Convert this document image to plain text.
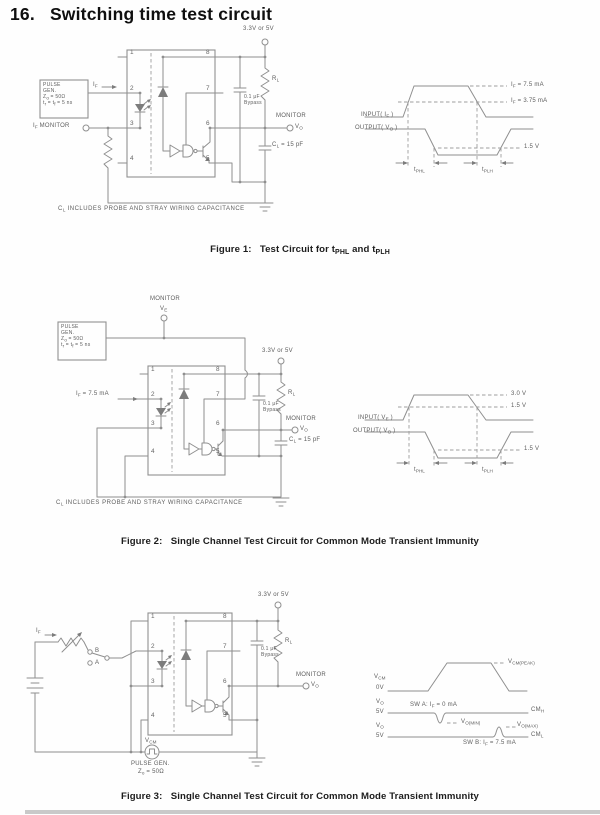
16. Switching time test circuit
3.3V or 5V
PULSE
GEN.
$Z_o = 50\Omega$
$t_r = t_f = 5$ ns
$I_F$
$I_F$ MONITOR
1
2
3
4
8
7
6
5
0.1 μF
Bypass
$R_L$
MONITOR
$V_O$
$C_L = 15$ pF
$C_L$ INCLUDES PROBE AND STRAY WIRING CAPACITANCE
INPUT( $I_F$ )
OUTPUT( $V_O$ )
$I_F = 7.5$ mA
$I_F = 3.75$ mA
1.5 V
$t_{PHL}$	$t_{PLH}$
Figure 1: Test Circuit for $t_{PHL}$ and $t_{PLH}$
MONITOR
$V_E$
PULSE
GEN.
$Z_o = 50\Omega$
$t_r = t_f = 5$ ns
$I_F = 7.5$ mA
3.3V or 5V
1
2
3
4
8
7
6
5
0.1 μF
Bypass
$R_L$
MONITOR
$V_O$
$C_L = 15$ pF
$C_L$ INCLUDES PROBE AND STRAY WIRING CAPACITANCE
INPUT( $V_E$ )
OUTPUT( $V_O$ )
3.0 V
1.5 V
1.5 V
$t_{PHL}$	$t_{PLH}$
Figure 2: Single Channel Test Circuit for Common Mode Transient Immunity
3.3V or 5V
$I_F$
B
A
1
2
3
4
8
7
6
5
0.1 μF
Bypass
$R_L$
MONITOR
$V_O$
$V_{CM}$
PULSE GEN.
$Z_o = 50\Omega$
$V_{CM}$
0V
$V_{CM(PEAK)}$
$V_O$
5V
SW A: $I_F = 0$ mA
$V_{O(MIN)}$
$CM_H$
$V_O$
5V
$V_{O(MAX)}$
$CM_L$
SW B: $I_F = 7.5$ mA
Figure 3: Single Channel Test Circuit for Common Mode Transient Immunity
